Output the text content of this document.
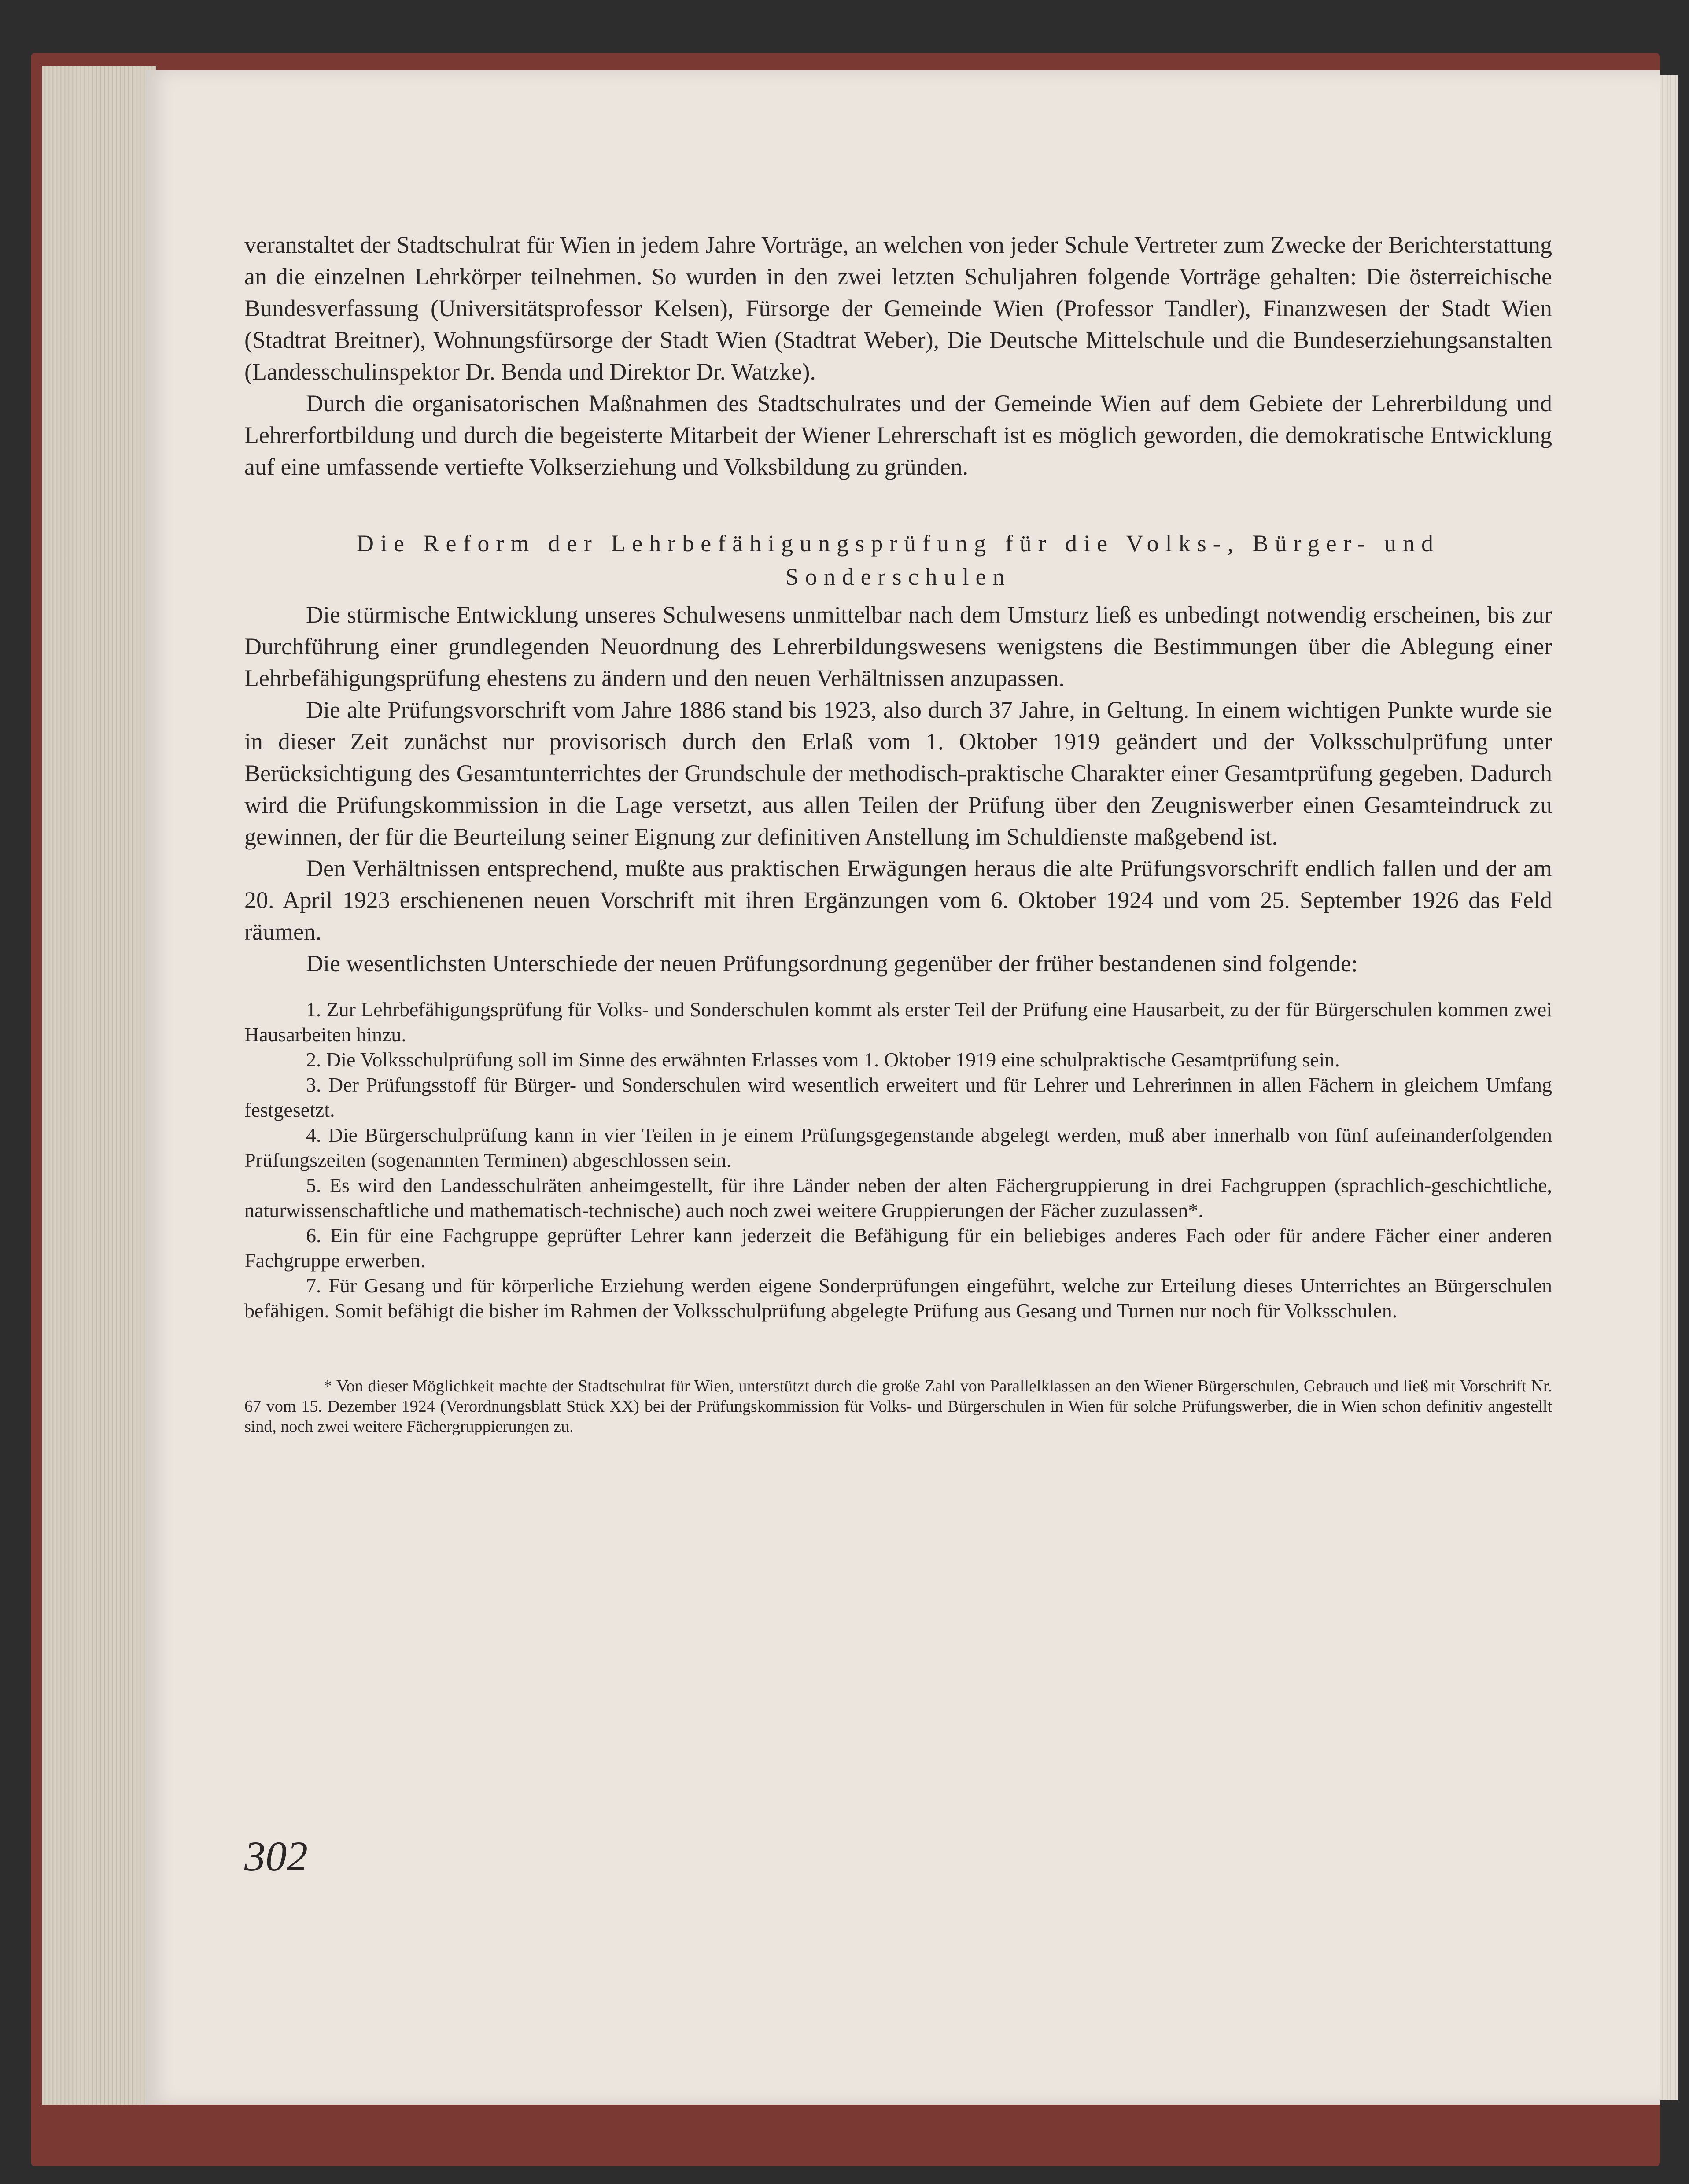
veranstaltet der Stadtschulrat für Wien in jedem Jahre Vorträge, an welchen von jeder Schule Vertreter zum Zwecke der Berichterstattung an die einzelnen Lehrkörper teilnehmen. So wurden in den zwei letzten Schuljahren folgende Vorträge gehalten: Die österreichische Bundesverfassung (Universitätsprofessor Kelsen), Fürsorge der Gemeinde Wien (Professor Tandler), Finanzwesen der Stadt Wien (Stadtrat Breitner), Wohnungsfürsorge der Stadt Wien (Stadtrat Weber), Die Deutsche Mittelschule und die Bundeserziehungsanstalten (Landesschulinspektor Dr. Benda und Direktor Dr. Watzke).

Durch die organisatorischen Maßnahmen des Stadtschulrates und der Gemeinde Wien auf dem Gebiete der Lehrerbildung und Lehrerfortbildung und durch die begeisterte Mitarbeit der Wiener Lehrerschaft ist es möglich geworden, die demokratische Entwicklung auf eine umfassende vertiefte Volkserziehung und Volksbildung zu gründen.

Die Reform der Lehrbefähigungsprüfung für die Volks-, Bürger- und Sonderschulen

Die stürmische Entwicklung unseres Schulwesens unmittelbar nach dem Umsturz ließ es unbedingt notwendig erscheinen, bis zur Durchführung einer grundlegenden Neuordnung des Lehrerbildungswesens wenigstens die Bestimmungen über die Ablegung einer Lehrbefähigungsprüfung ehestens zu ändern und den neuen Verhältnissen anzupassen.

Die alte Prüfungsvorschrift vom Jahre 1886 stand bis 1923, also durch 37 Jahre, in Geltung. In einem wichtigen Punkte wurde sie in dieser Zeit zunächst nur provisorisch durch den Erlaß vom 1. Oktober 1919 geändert und der Volksschulprüfung unter Berücksichtigung des Gesamtunterrichtes der Grundschule der methodisch-praktische Charakter einer Gesamtprüfung gegeben. Dadurch wird die Prüfungskommission in die Lage versetzt, aus allen Teilen der Prüfung über den Zeugniswerber einen Gesamteindruck zu gewinnen, der für die Beurteilung seiner Eignung zur definitiven Anstellung im Schuldienste maßgebend ist.

Den Verhältnissen entsprechend, mußte aus praktischen Erwägungen heraus die alte Prüfungsvorschrift endlich fallen und der am 20. April 1923 erschienenen neuen Vorschrift mit ihren Ergänzungen vom 6. Oktober 1924 und vom 25. September 1926 das Feld räumen.

Die wesentlichsten Unterschiede der neuen Prüfungsordnung gegenüber der früher bestandenen sind folgende:

1. Zur Lehrbefähigungsprüfung für Volks- und Sonderschulen kommt als erster Teil der Prüfung eine Hausarbeit, zu der für Bürgerschulen kommen zwei Hausarbeiten hinzu.

2. Die Volksschulprüfung soll im Sinne des erwähnten Erlasses vom 1. Oktober 1919 eine schulpraktische Gesamtprüfung sein.

3. Der Prüfungsstoff für Bürger- und Sonderschulen wird wesentlich erweitert und für Lehrer und Lehrerinnen in allen Fächern in gleichem Umfang festgesetzt.

4. Die Bürgerschulprüfung kann in vier Teilen in je einem Prüfungsgegenstande abgelegt werden, muß aber innerhalb von fünf aufeinanderfolgenden Prüfungszeiten (sogenannten Terminen) abgeschlossen sein.

5. Es wird den Landesschulräten anheimgestellt, für ihre Länder neben der alten Fächergruppierung in drei Fachgruppen (sprachlich-geschichtliche, naturwissenschaftliche und mathematisch-technische) auch noch zwei weitere Gruppierungen der Fächer zuzulassen*.

6. Ein für eine Fachgruppe geprüfter Lehrer kann jederzeit die Befähigung für ein beliebiges anderes Fach oder für andere Fächer einer anderen Fachgruppe erwerben.

7. Für Gesang und für körperliche Erziehung werden eigene Sonderprüfungen eingeführt, welche zur Erteilung dieses Unterrichtes an Bürgerschulen befähigen. Somit befähigt die bisher im Rahmen der Volksschulprüfung abgelegte Prüfung aus Gesang und Turnen nur noch für Volksschulen.

* Von dieser Möglichkeit machte der Stadtschulrat für Wien, unterstützt durch die große Zahl von Parallelklassen an den Wiener Bürgerschulen, Gebrauch und ließ mit Vorschrift Nr. 67 vom 15. Dezember 1924 (Verordnungsblatt Stück XX) bei der Prüfungskommission für Volks- und Bürgerschulen in Wien für solche Prüfungswerber, die in Wien schon definitiv angestellt sind, noch zwei weitere Fächergruppierungen zu.

302
